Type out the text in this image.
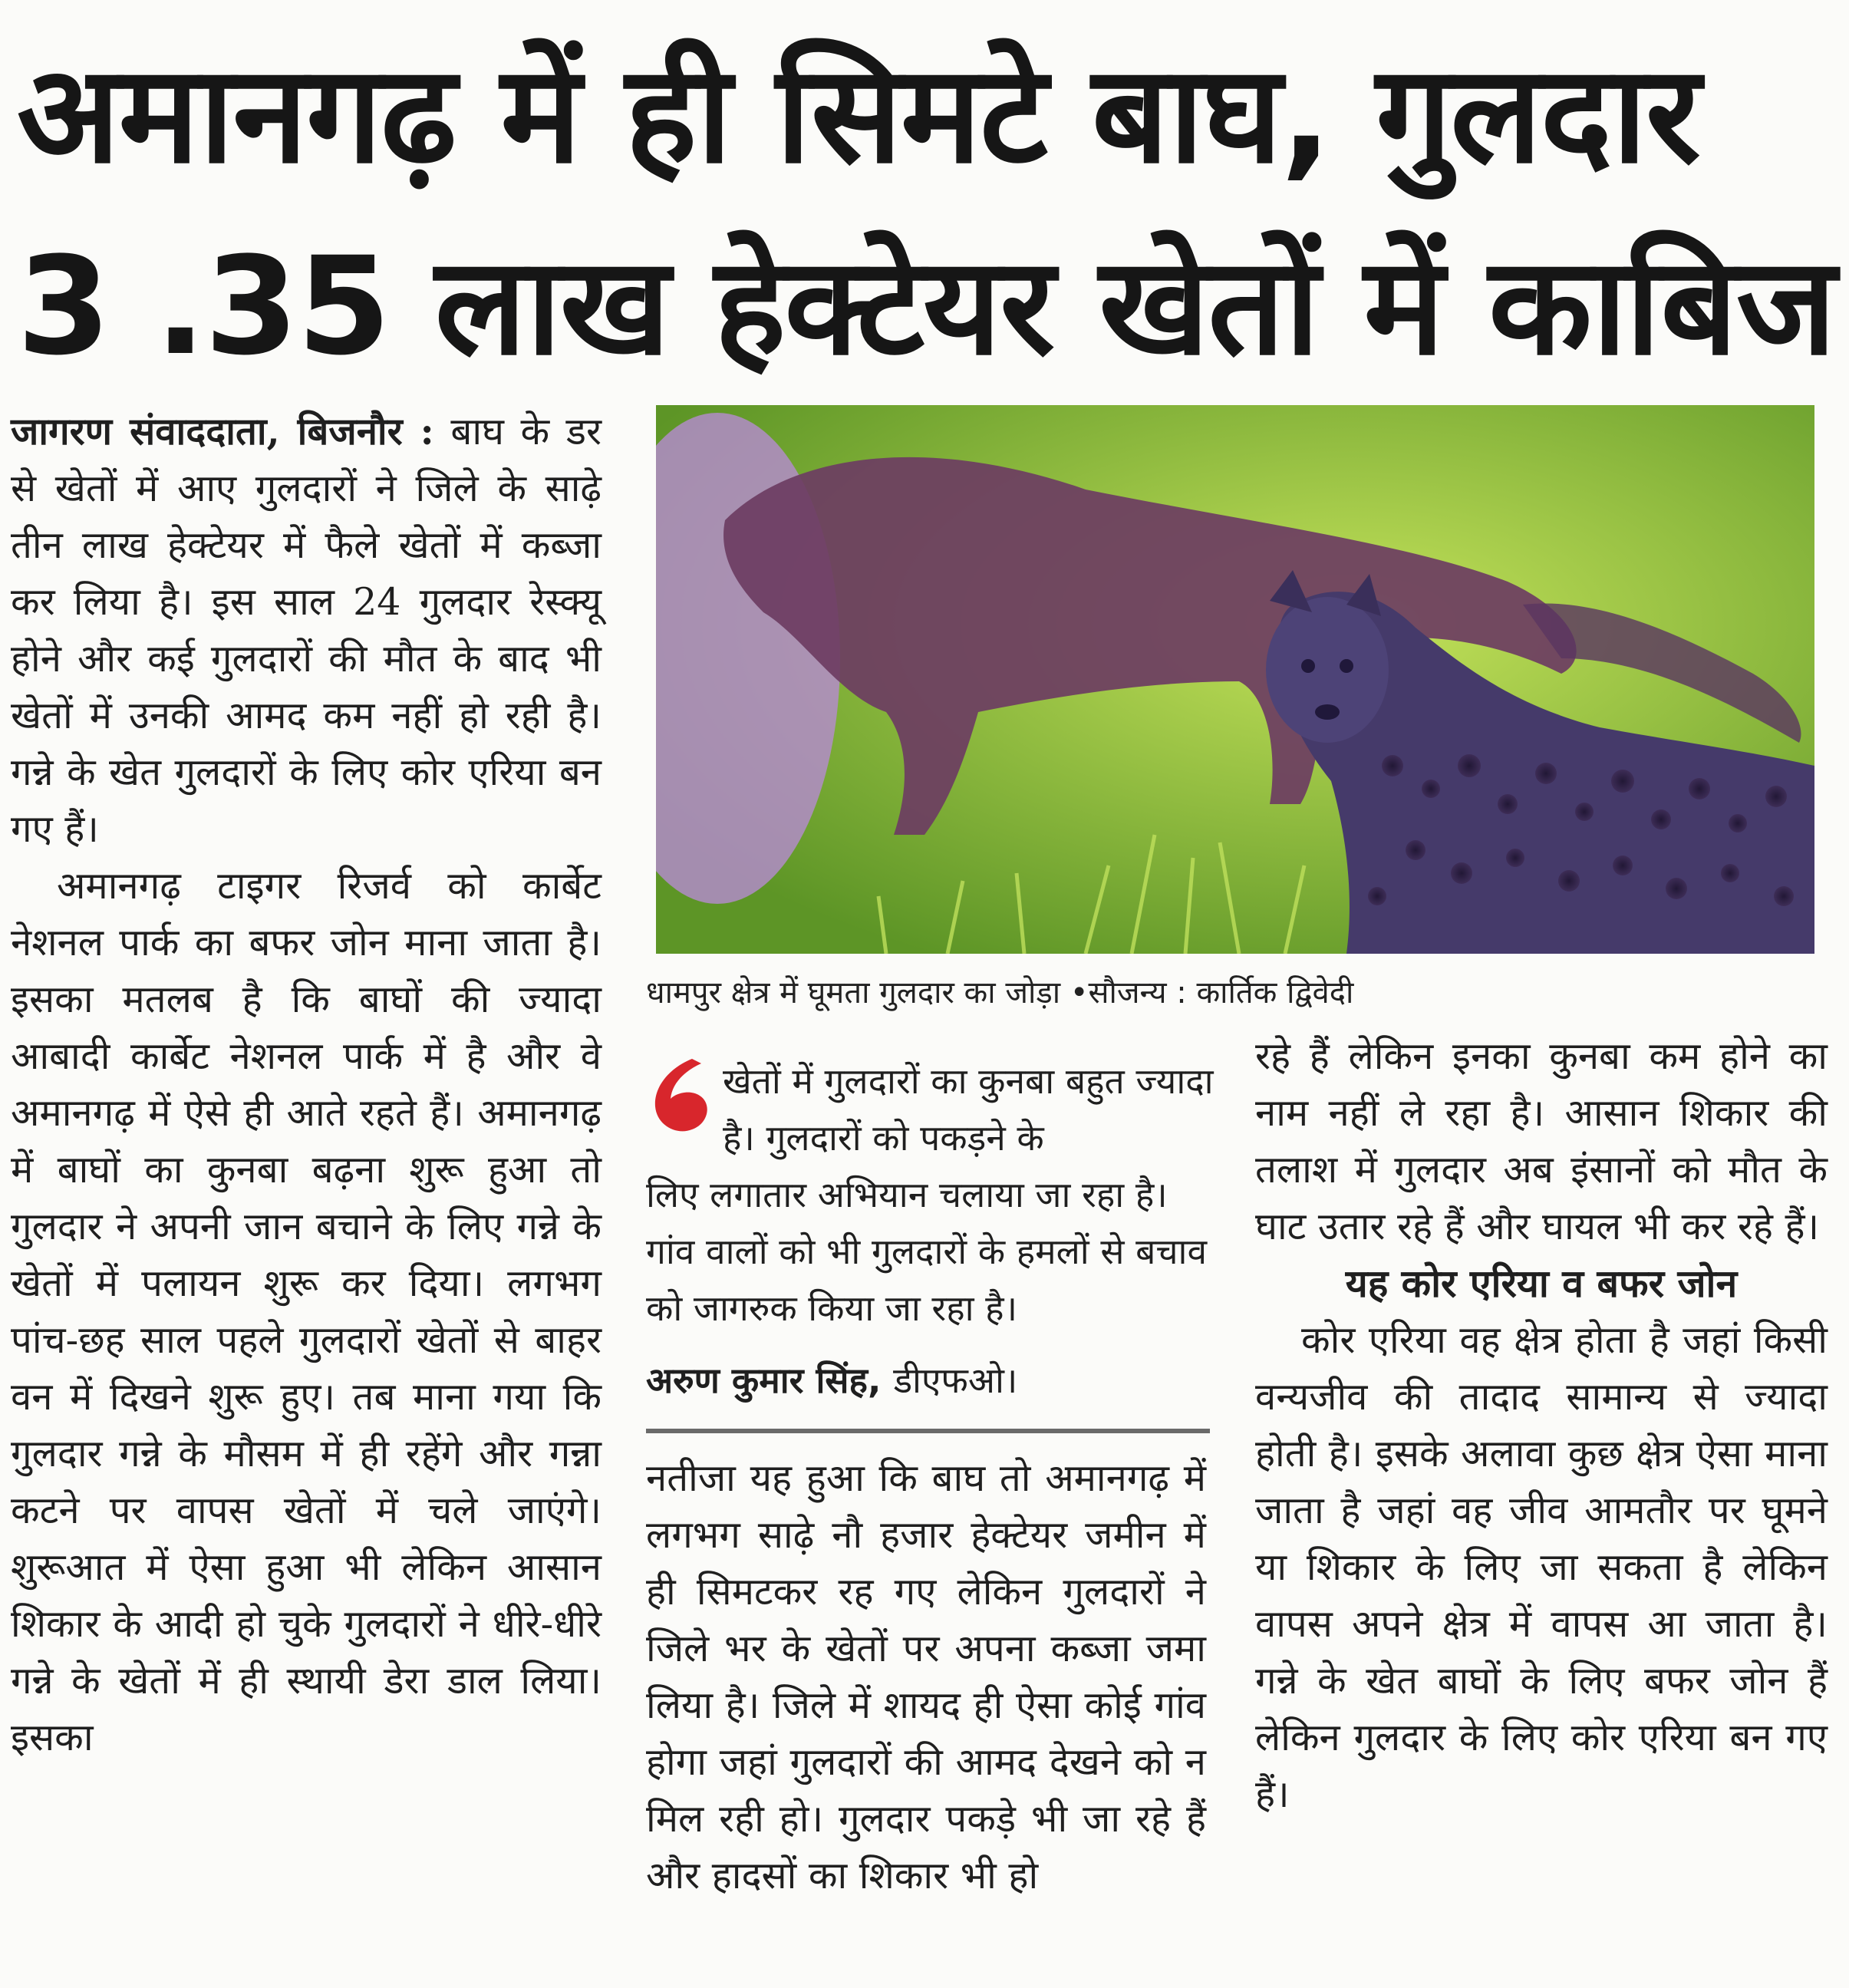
अमानगढ़ में ही सिमटे बाघ, गुलदार
3 .35 लाख हेक्टेयर खेतों में काबिज

जागरण संवाददाता, बिजनौर : बाघ के डर से खेतों में आए गुलदारों ने जिले के साढ़े तीन लाख हेक्टेयर में फैले खेतों में कब्जा कर लिया है। इस साल 24 गुलदार रेस्क्यू होने और कई गुलदारों की मौत के बाद भी खेतों में उनकी आमद कम नहीं हो रही है। गन्ने के खेत गुलदारों के लिए कोर एरिया बन गए हैं।

अमानगढ़ टाइगर रिजर्व को कार्बेट नेशनल पार्क का बफर जोन माना जाता है। इसका मतलब है कि बाघों की ज्यादा आबादी कार्बेट नेशनल पार्क में है और वे अमानगढ़ में ऐसे ही आते रहते हैं। अमानगढ़ में बाघों का कुनबा बढ़ना शुरू हुआ तो गुलदार ने अपनी जान बचाने के लिए गन्ने के खेतों में पलायन शुरू कर दिया। लगभग पांच-छह साल पहले गुलदारों खेतों से बाहर वन में दिखने शुरू हुए। तब माना गया कि गुलदार गन्ने के मौसम में ही रहेंगे और गन्ना कटने पर वापस खेतों में चले जाएंगे। शुरूआत में ऐसा हुआ भी लेकिन आसान शिकार के आदी हो चुके गुलदारों ने धीरे-धीरे गन्ने के खेतों में ही स्थायी डेरा डाल लिया। इसका

धामपुर क्षेत्र में घूमता गुलदार का जोड़ा •सौजन्य : कार्तिक द्विवेदी
खेतों में गुलदारों का कुनबा बहुत ज्यादा है। गुलदारों को पकड़ने के
लिए लगातार अभियान चलाया जा रहा है। गांव वालों को भी गुलदारों के हमलों से बचाव को जागरुक किया जा रहा है।
अरुण कुमार सिंह, डीएफओ।

नतीजा यह हुआ कि बाघ तो अमानगढ़ में लगभग साढ़े नौ हजार हेक्टेयर जमीन में ही सिमटकर रह गए लेकिन गुलदारों ने जिले भर के खेतों पर अपना कब्जा जमा लिया है। जिले में शायद ही ऐसा कोई गांव होगा जहां गुलदारों की आमद देखने को न मिल रही हो। गुलदार पकड़े भी जा रहे हैं और हादसों का शिकार भी हो

रहे हैं लेकिन इनका कुनबा कम होने का नाम नहीं ले रहा है। आसान शिकार की तलाश में गुलदार अब इंसानों को मौत के घाट उतार रहे हैं और घायल भी कर रहे हैं।

यह कोर एरिया व बफर जोन

कोर एरिया वह क्षेत्र होता है जहां किसी वन्यजीव की तादाद सामान्य से ज्यादा होती है। इसके अलावा कुछ क्षेत्र ऐसा माना जाता है जहां वह जीव आमतौर पर घूमने या शिकार के लिए जा सकता है लेकिन वापस अपने क्षेत्र में वापस आ जाता है। गन्ने के खेत बाघों के लिए बफर जोन हैं लेकिन गुलदार के लिए कोर एरिया बन गए हैं।
